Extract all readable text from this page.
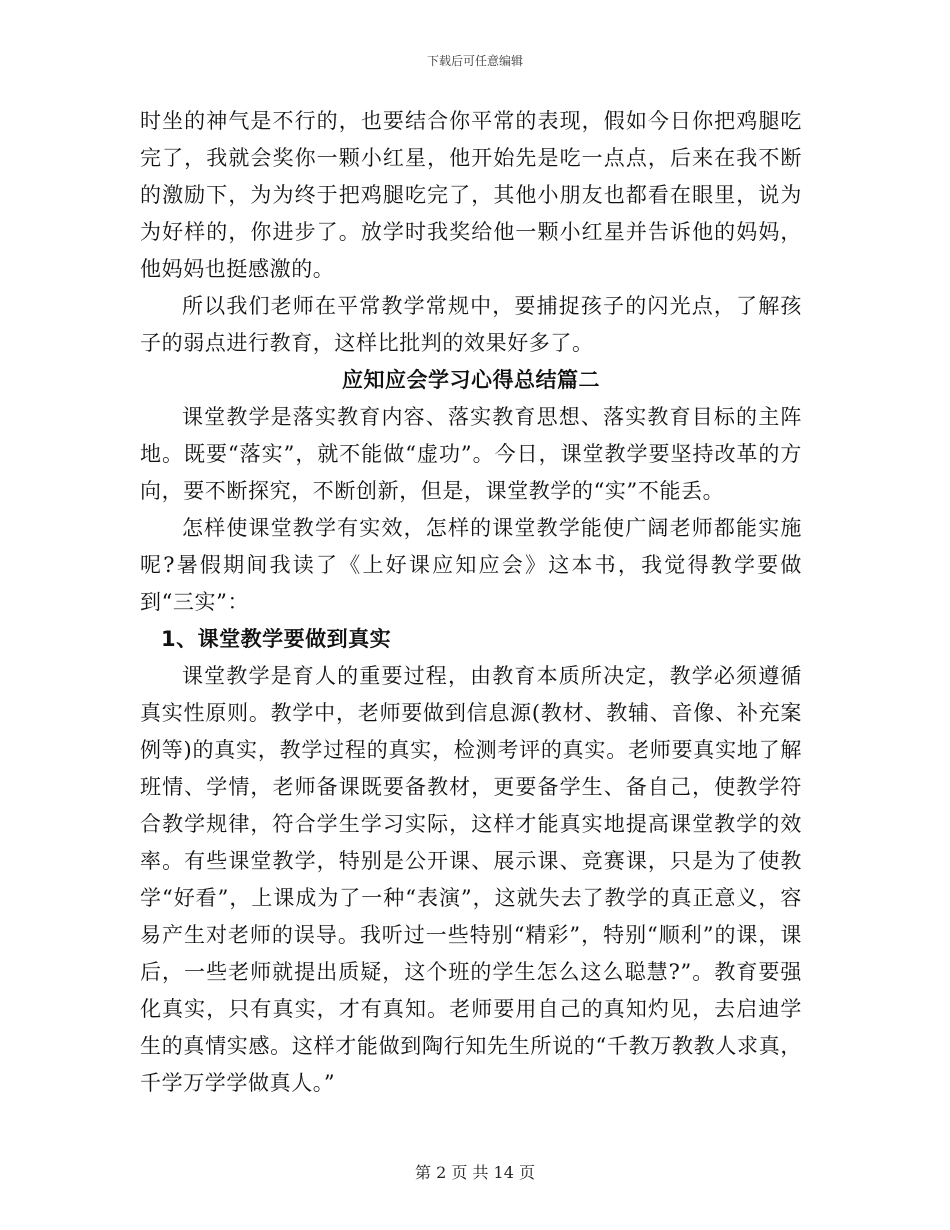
下载后可任意编辑

时坐的神气是不行的，也要结合你平常的表现，假如今日你把鸡腿吃完了，我就会奖你一颗小红星，他开始先是吃一点点，后来在我不断的激励下，为为终于把鸡腿吃完了，其他小朋友也都看在眼里，说为为好样的，你进步了。放学时我奖给他一颗小红星并告诉他的妈妈，他妈妈也挺感激的。

所以我们老师在平常教学常规中，要捕捉孩子的闪光点，了解孩子的弱点进行教育，这样比批判的效果好多了。

应知应会学习心得总结篇二

课堂教学是落实教育内容、落实教育思想、落实教育目标的主阵地。既要“落实”，就不能做“虚功”。今日，课堂教学要坚持改革的方向，要不断探究，不断创新，但是，课堂教学的“实”不能丢。

怎样使课堂教学有实效，怎样的课堂教学能使广阔老师都能实施呢?暑假期间我读了《上好课应知应会》这本书，我觉得教学要做到“三实”：

1、课堂教学要做到真实

课堂教学是育人的重要过程，由教育本质所决定，教学必须遵循真实性原则。教学中，老师要做到信息源(教材、教辅、音像、补充案例等)的真实，教学过程的真实，检测考评的真实。老师要真实地了解班情、学情，老师备课既要备教材，更要备学生、备自己，使教学符合教学规律，符合学生学习实际，这样才能真实地提高课堂教学的效率。有些课堂教学，特别是公开课、展示课、竞赛课，只是为了使教学“好看”，上课成为了一种“表演”，这就失去了教学的真正意义，容易产生对老师的误导。我听过一些特别“精彩”，特别“顺利”的课，课后，一些老师就提出质疑，这个班的学生怎么这么聪慧?”。教育要强化真实，只有真实，才有真知。老师要用自己的真知灼见，去启迪学生的真情实感。这样才能做到陶行知先生所说的“千教万教教人求真，千学万学学做真人。”

第 2 页 共 14 页
